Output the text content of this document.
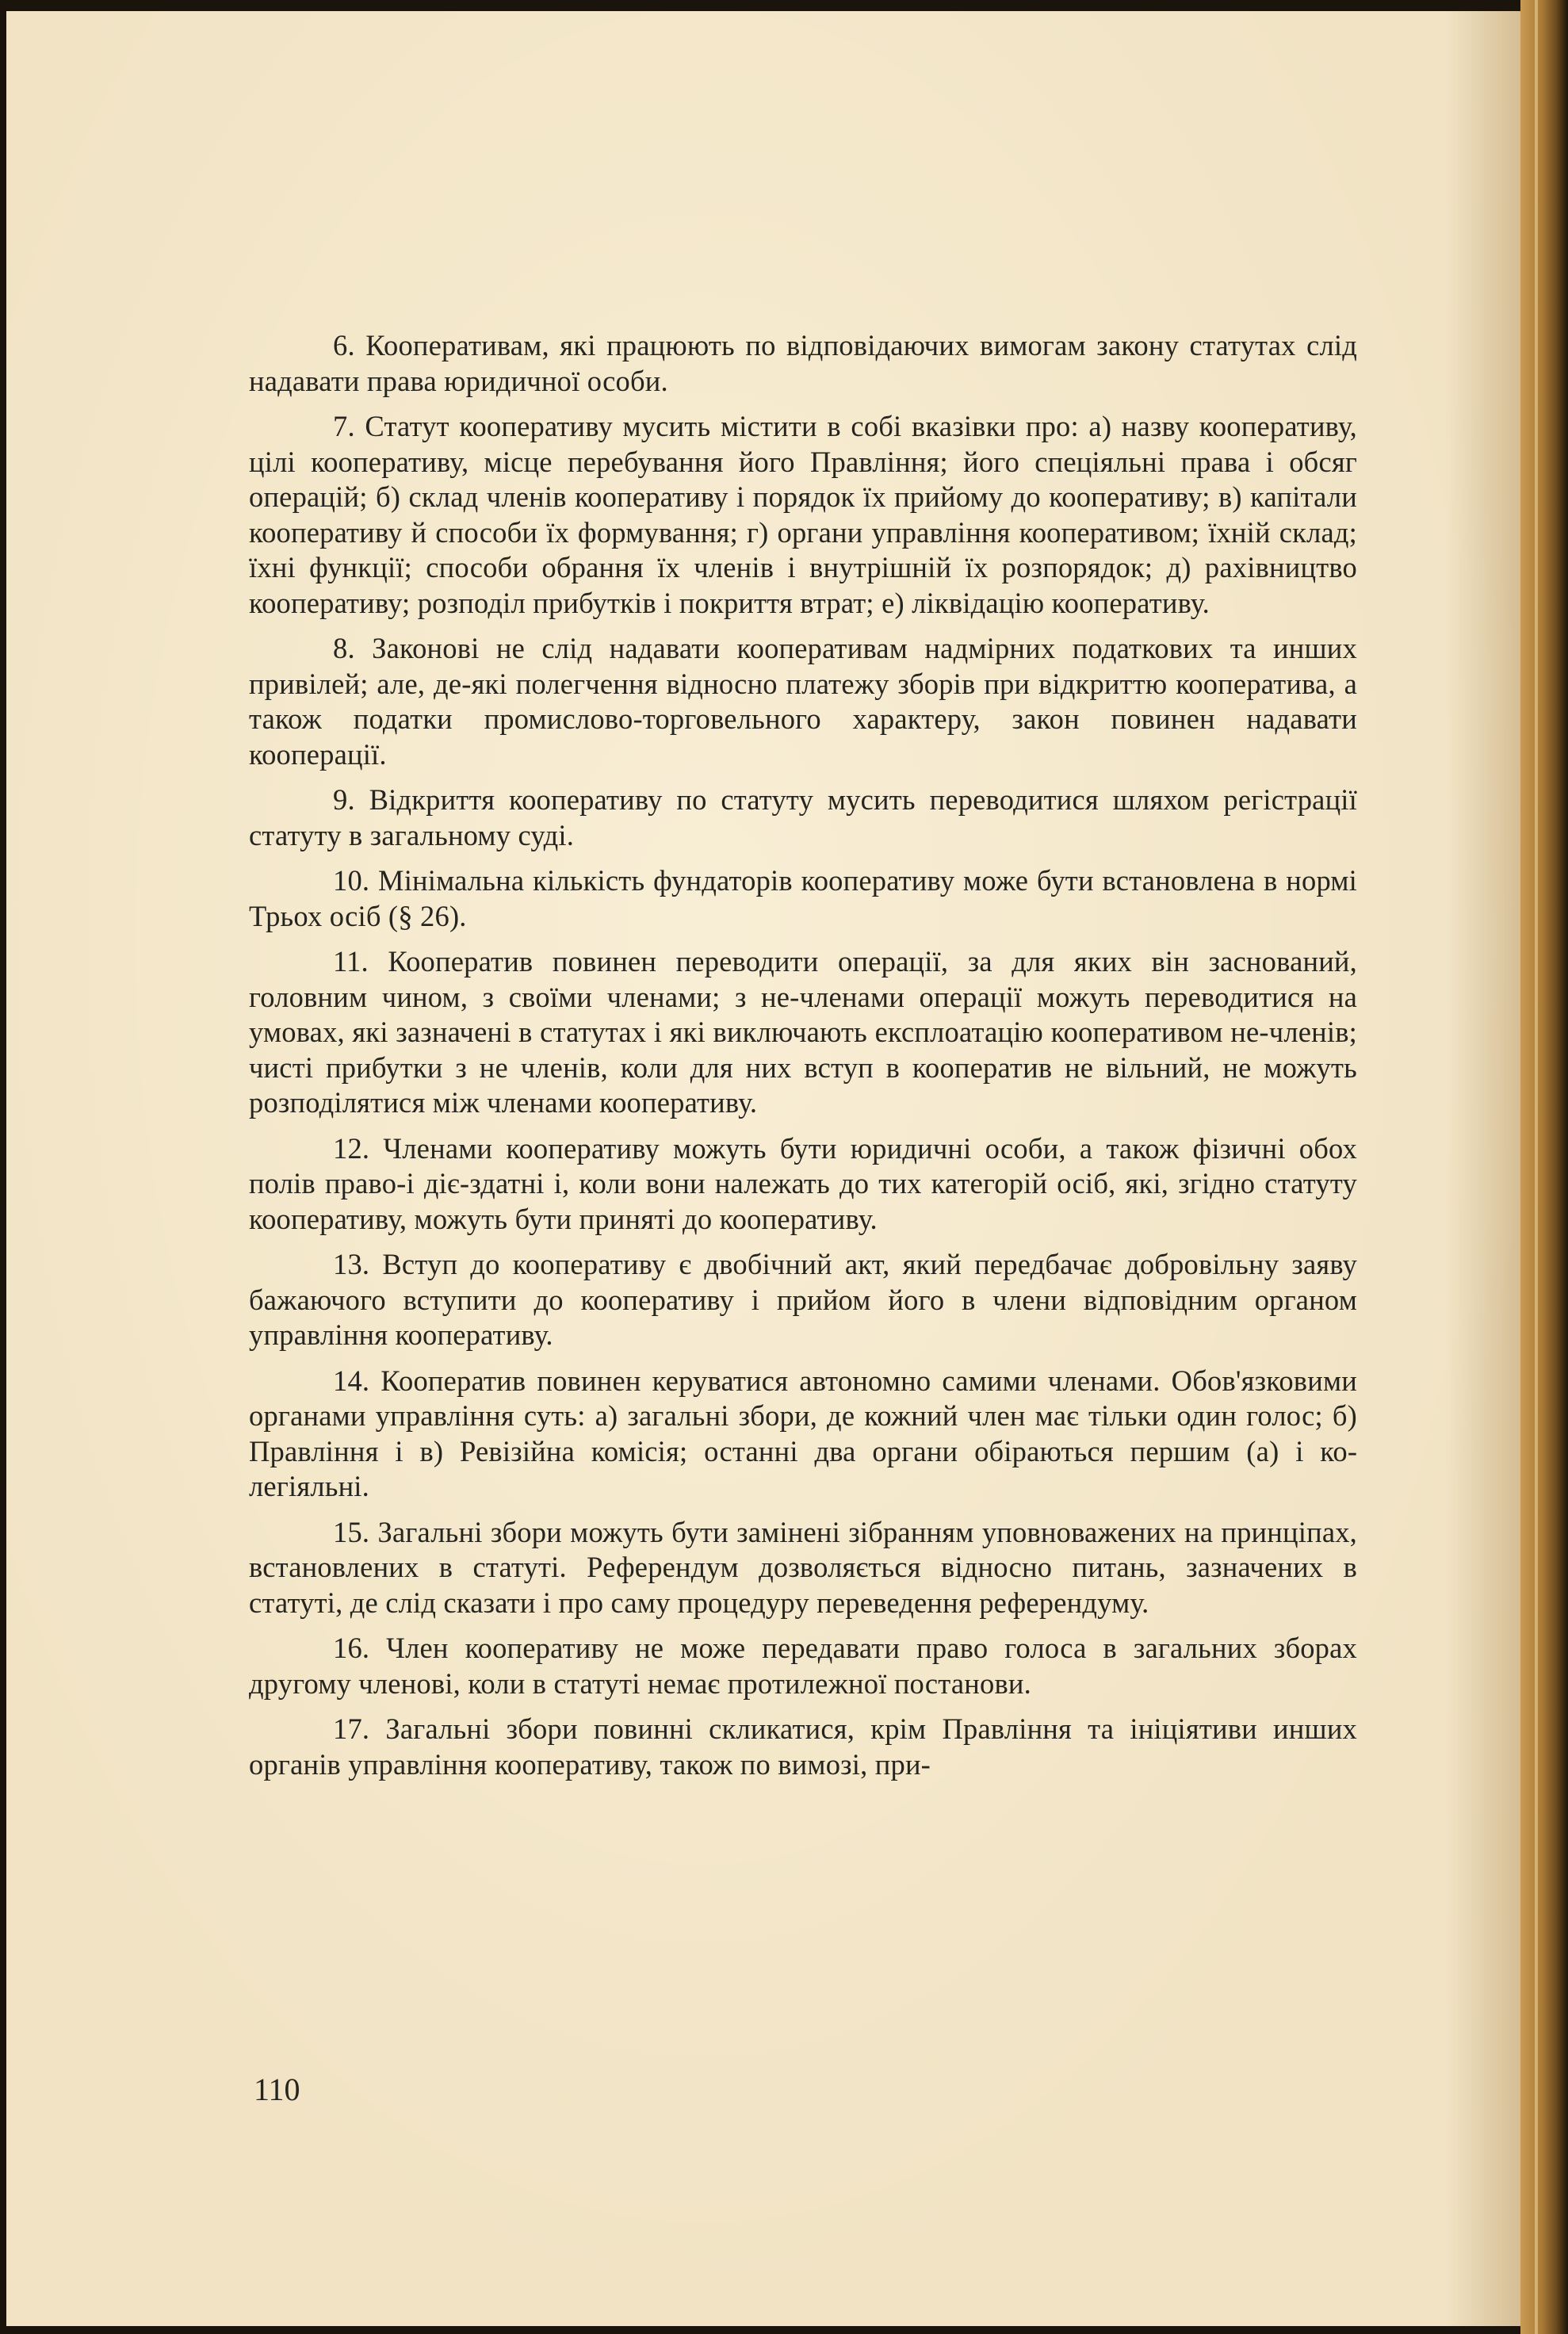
6. Кооперативам, які працюють по відповідаючих вимогам закону статутах слід надавати права юридичної особи.

7. Статут кооперативу мусить містити в собі вказівки про: а) назву кооперативу, цілі кооперативу, місце перебування його Правління; його спеціяльні права і обсяг операцій; б) склад членів кооперативу і порядок їх прийому до кооперативу; в) капітали кооперативу й способи їх формування; г) органи управління кооперативом; їхній склад; їхні функції; способи обрання їх членів і внутрішній їх розпорядок; д) рахівництво кооперативу; розподіл прибутків і покриття втрат; е) ліквідацію кооперативу.

8. Законові не слід надавати кооперативам надмірних податкових та инших привілей; але, де-які полегчення відносно платежу зборів при відкриттю кооператива, а також податки промислово-торговельного характеру, закон повинен надавати кооперації.

9. Відкриття кооперативу по статуту мусить переводитися шляхом регістрації статуту в загальному суді.

10. Мінімальна кількість фундаторів кооперативу може бути встановлена в нормі Трьох осіб (§ 26).

11. Кооператив повинен переводити операції, за для яких він заснований, головним чином, з своїми членами; з не-членами операції можуть переводитися на умовах, які зазначені в статутах і які виключають експлоатацію кооперативом не-членів; чисті прибутки з не членів, коли для них вступ в кооператив не вільний, не можуть розподілятися між членами кооперативу.

12. Членами кооперативу можуть бути юридичні особи, а також фізичні обох полів право-і діє-здатні і, коли вони належать до тих категорій осіб, які, згідно статуту кооперативу, можуть бути приняті до кооперативу.

13. Вступ до кооперативу є двобічний акт, який передбачає добровільну заяву бажаючого вступити до кооперативу і прийом його в члени відповідним органом управління кооперативу.

14. Кооператив повинен керуватися автономно самими членами. Обов'язковими органами управління суть: а) загальні збори, де кожний член має тільки один голос; б) Правління і в) Ревізійна комісія; останні два органи обіраються першим (а) і колегіяльні.

15. Загальні збори можуть бути замінені зібранням уповноважених на принціпах, встановлених в статуті. Референдум дозволяється відносно питань, зазначених в статуті, де слід сказати і про саму процедуру переведення референдуму.

16. Член кооперативу не може передавати право голоса в загальних зборах другому членові, коли в статуті немає протилежної постанови.

17. Загальні збори повинні скликатися, крім Правління та ініціятиви инших органів управління кооперативу, також по вимозі, при-

110
